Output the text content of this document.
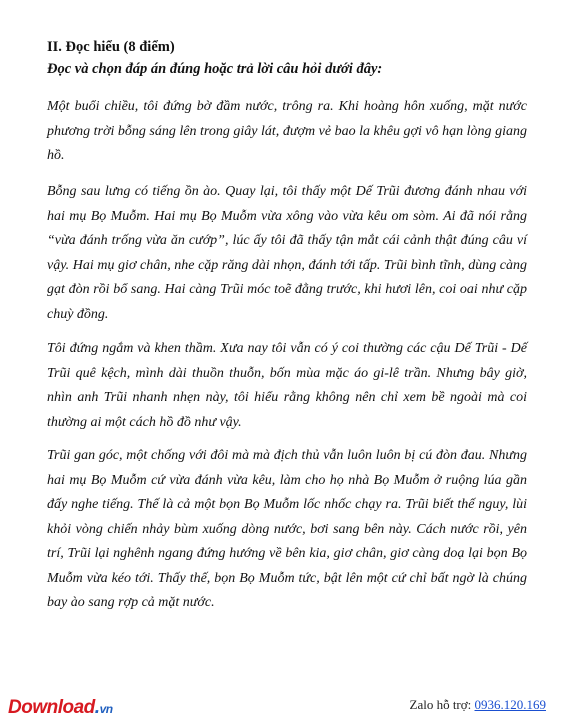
II. Đọc hiểu (8 điểm)

Đọc và chọn đáp án đúng hoặc trả lời câu hỏi dưới đây:

Một buổi chiều, tôi đứng bờ đầm nước, trông ra. Khi hoàng hôn xuống, mặt nước phương trời bỗng sáng lên trong giây lát, đượm vẻ bao la khêu gợi vô hạn lòng giang hồ.

Bỗng sau lưng có tiếng ồn ào. Quay lại, tôi thấy một Dế Trũi đương đánh nhau với hai mụ Bọ Muỗm. Hai mụ Bọ Muỗm vừa xông vào vừa kêu om sòm. Ai đã nói rằng “vừa đánh trống vừa ăn cướp”, lúc ấy tôi đã thấy tận mắt cái cảnh thật đúng câu ví vậy. Hai mụ giơ chân, nhe cặp răng dài nhọn, đánh tới tấp. Trũi bình tĩnh, dùng càng gạt đòn rồi bổ sang. Hai càng Trũi móc toẽ đằng trước, khi hươi lên, coi oai như cặp chuỳ đồng.

Tôi đứng ngắm và khen thầm. Xưa nay tôi vẫn có ý coi thường các cậu Dế Trũi - Dế Trũi quê kệch, mình dài thuồn thuỗn, bốn mùa mặc áo gi-lê trần. Nhưng bây giờ, nhìn anh Trũi nhanh nhẹn này, tôi hiểu rằng không nên chỉ xem bề ngoài mà coi thường ai một cách hồ đồ như vậy.

Trũi gan góc, một chống với đôi mà mà địch thủ vẫn luôn luôn bị cú đòn đau. Nhưng hai mụ Bọ Muỗm cứ vừa đánh vừa kêu, làm cho họ nhà Bọ Muỗm ở ruộng lúa gần đấy nghe tiếng. Thế là cả một bọn Bọ Muỗm lốc nhốc chạy ra. Trũi biết thế nguy, lùi khỏi vòng chiến nhảy bùm xuống dòng nước, bơi sang bên này. Cách nước rồi, yên trí, Trũi lại nghênh ngang đứng hướng về bên kia, giơ chân, giơ càng doạ lại bọn Bọ Muỗm vừa kéo tới. Thấy thế, bọn Bọ Muỗm tức, bật lên một cứ chỉ bất ngờ là chúng bay ào sang rợp cả mặt nước.

Download.vn	Zalo hỗ trợ: 0936.120.169
